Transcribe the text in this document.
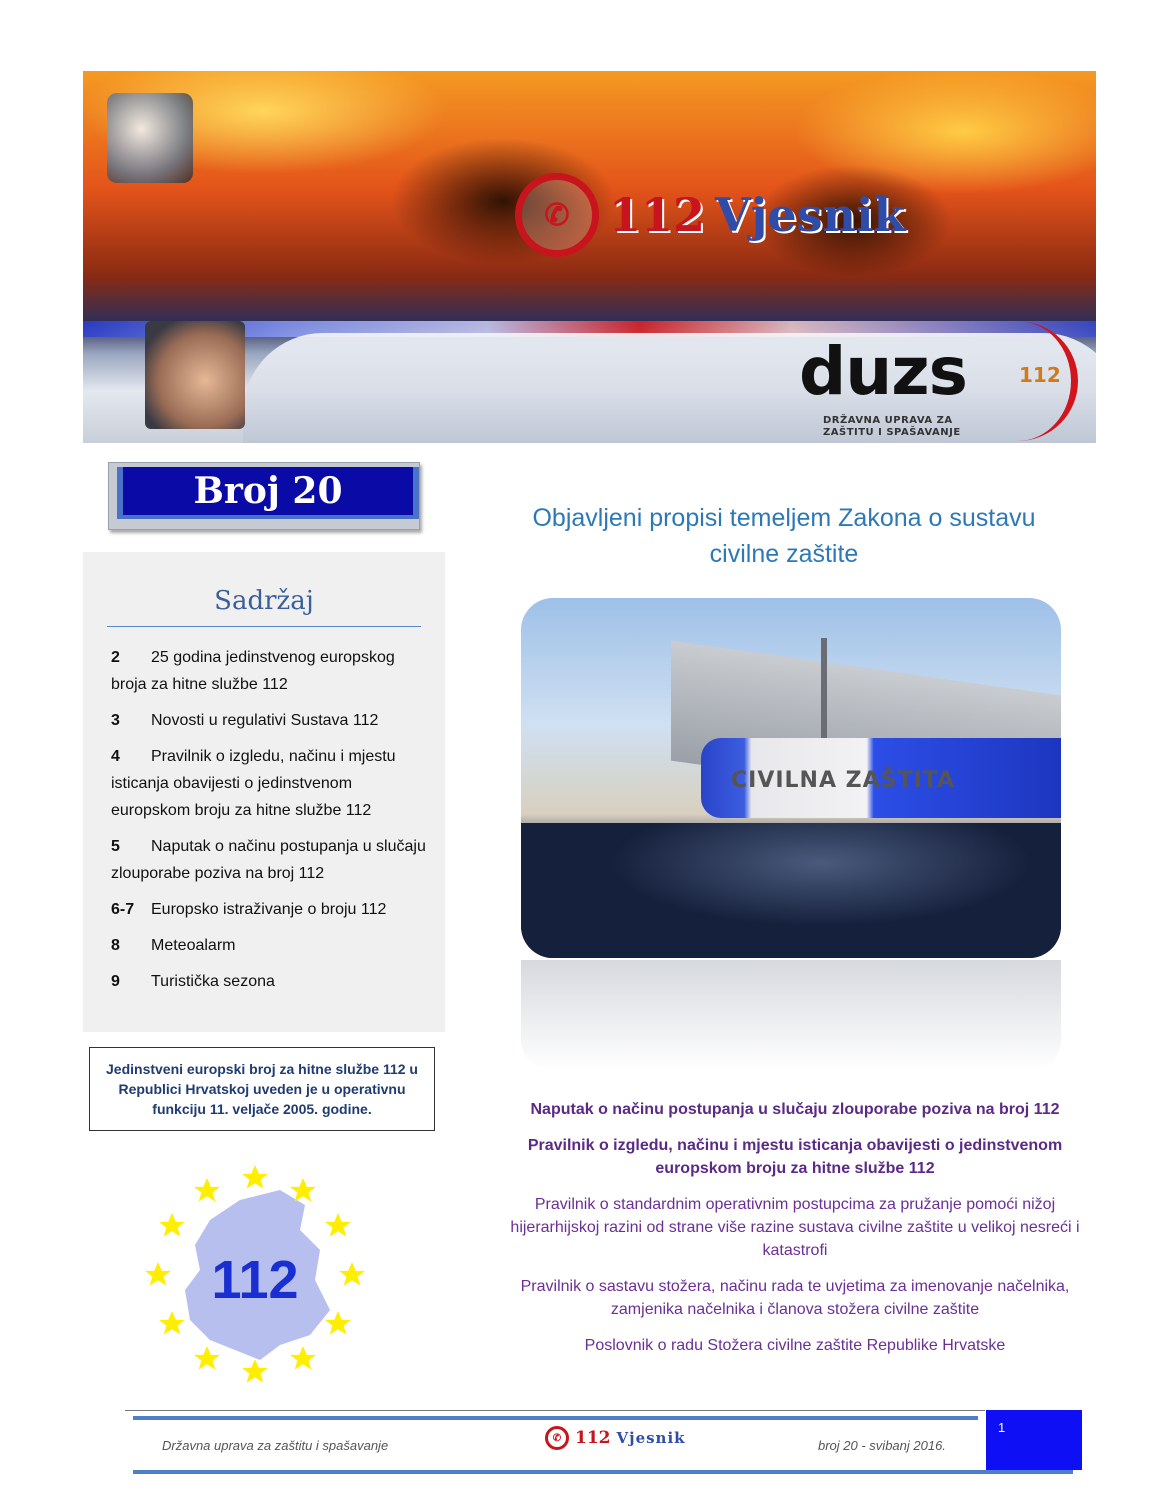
✆ 112 Vjesnik
duzs
DRŽAVNA UPRAVA ZA
ZAŠTITU I SPAŠAVANJE
112
Broj 20
Sadržaj
2 25 godina jedinstvenog europskog broja za hitne službe 112
3 Novosti u regulativi Sustava 112
4 Pravilnik o izgledu, načinu i mjestu isticanja obavijesti o jedinstvenom europskom broju za hitne službe 112
5 Naputak o načinu postupanja u slučaju zlouporabe poziva na broj 112
6-7 Europsko istraživanje o broju 112
8 Meteoalarm
9 Turistička sezona
Jedinstveni europski broj za hitne službe 112 u Republici Hrvatskoj uveden je u operativnu funkciju 11. veljače 2005. godine.
112
Objavljeni propisi temeljem Zakona o sustavu civilne zaštite
CIVILNA ZAŠTITA

Naputak o načinu postupanja u slučaju zlouporabe poziva na broj 112

Pravilnik o izgledu, načinu i mjestu isticanja obavijesti o jedinstvenom europskom broju za hitne službe 112

Pravilnik o standardnim operativnim postupcima za pružanje pomoći nižoj hijerarhijskoj razini od strane više razine sustava civilne zaštite u velikoj nesreći i katastrofi

Pravilnik o sastavu stožera, načinu rada te uvjetima za imenovanje načelnika, zamjenika načelnika i članova stožera civilne zaštite

Poslovnik o radu Stožera civilne zaštite Republike Hrvatske

Državna uprava za zaštitu i spašavanje	✆ 112 Vjesnik	broj 20 - svibanj 2016.
1
